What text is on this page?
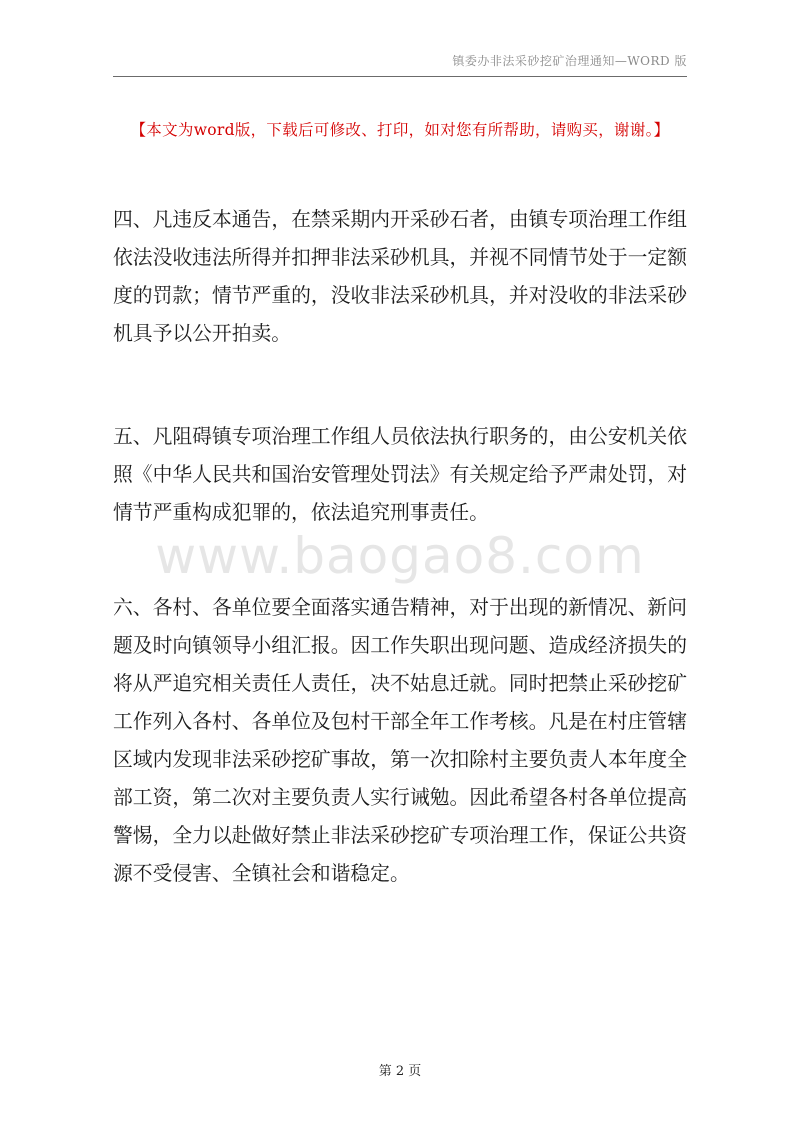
镇委办非法采砂挖矿治理通知—WORD 版
【本文为word版，下载后可修改、打印，如对您有所帮助，请购买，谢谢。】
www.baogao8.com

四、凡违反本通告，在禁采期内开采砂石者，由镇专项治理工作组依法没收违法所得并扣押非法采砂机具，并视不同情节处于一定额度的罚款；情节严重的，没收非法采砂机具，并对没收的非法采砂机具予以公开拍卖。

五、凡阻碍镇专项治理工作组人员依法执行职务的，由公安机关依照《中华人民共和国治安管理处罚法》有关规定给予严肃处罚，对情节严重构成犯罪的，依法追究刑事责任。

六、各村、各单位要全面落实通告精神，对于出现的新情况、新问题及时向镇领导小组汇报。因工作失职出现问题、造成经济损失的将从严追究相关责任人责任，决不姑息迁就。同时把禁止采砂挖矿工作列入各村、各单位及包村干部全年工作考核。凡是在村庄管辖区域内发现非法采砂挖矿事故，第一次扣除村主要负责人本年度全部工资，第二次对主要负责人实行诫勉。因此希望各村各单位提高警惕，全力以赴做好禁止非法采砂挖矿专项治理工作，保证公共资源不受侵害、全镇社会和谐稳定。

第 2 页
